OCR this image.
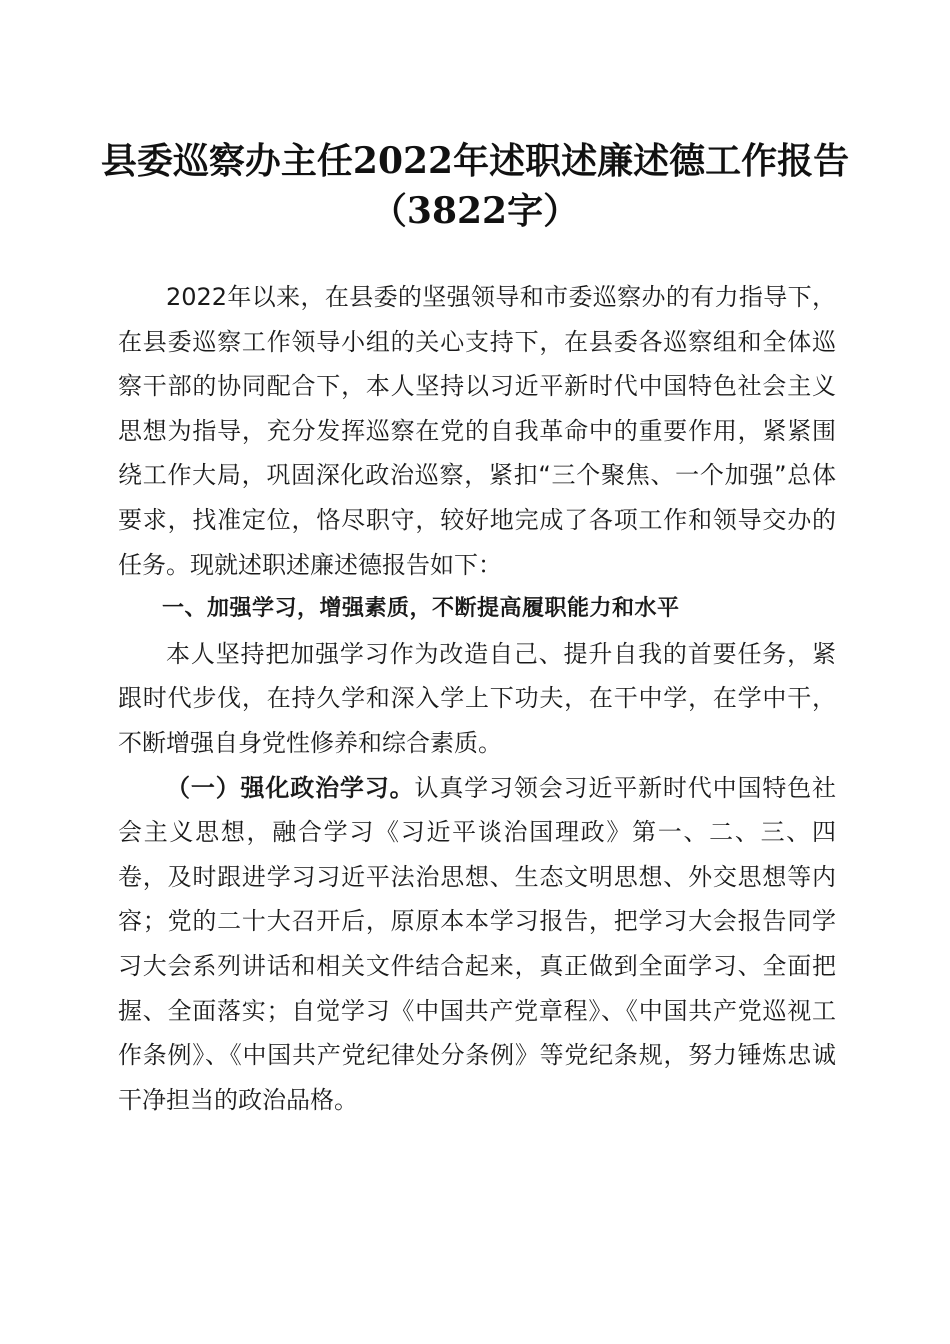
县委巡察办主任2022年述职述廉述德工作报告（3822字）

2022年以来，在县委的坚强领导和市委巡察办的有力指导下，在县委巡察工作领导小组的关心支持下，在县委各巡察组和全体巡察干部的协同配合下，本人坚持以习近平新时代中国特色社会主义思想为指导，充分发挥巡察在党的自我革命中的重要作用，紧紧围绕工作大局，巩固深化政治巡察，紧扣“三个聚焦、一个加强”总体要求，找准定位，恪尽职守，较好地完成了各项工作和领导交办的任务。现就述职述廉述德报告如下：

一、加强学习，增强素质，不断提高履职能力和水平

本人坚持把加强学习作为改造自己、提升自我的首要任务，紧跟时代步伐，在持久学和深入学上下功夫，在干中学，在学中干，不断增强自身党性修养和综合素质。

（一）强化政治学习。认真学习领会习近平新时代中国特色社会主义思想，融合学习《习近平谈治国理政》第一、二、三、四卷，及时跟进学习习近平法治思想、生态文明思想、外交思想等内容；党的二十大召开后，原原本本学习报告，把学习大会报告同学习大会系列讲话和相关文件结合起来，真正做到全面学习、全面把握、全面落实；自觉学习《中国共产党章程》、《中国共产党巡视工作条例》、《中国共产党纪律处分条例》等党纪条规，努力锤炼忠诚干净担当的政治品格。
